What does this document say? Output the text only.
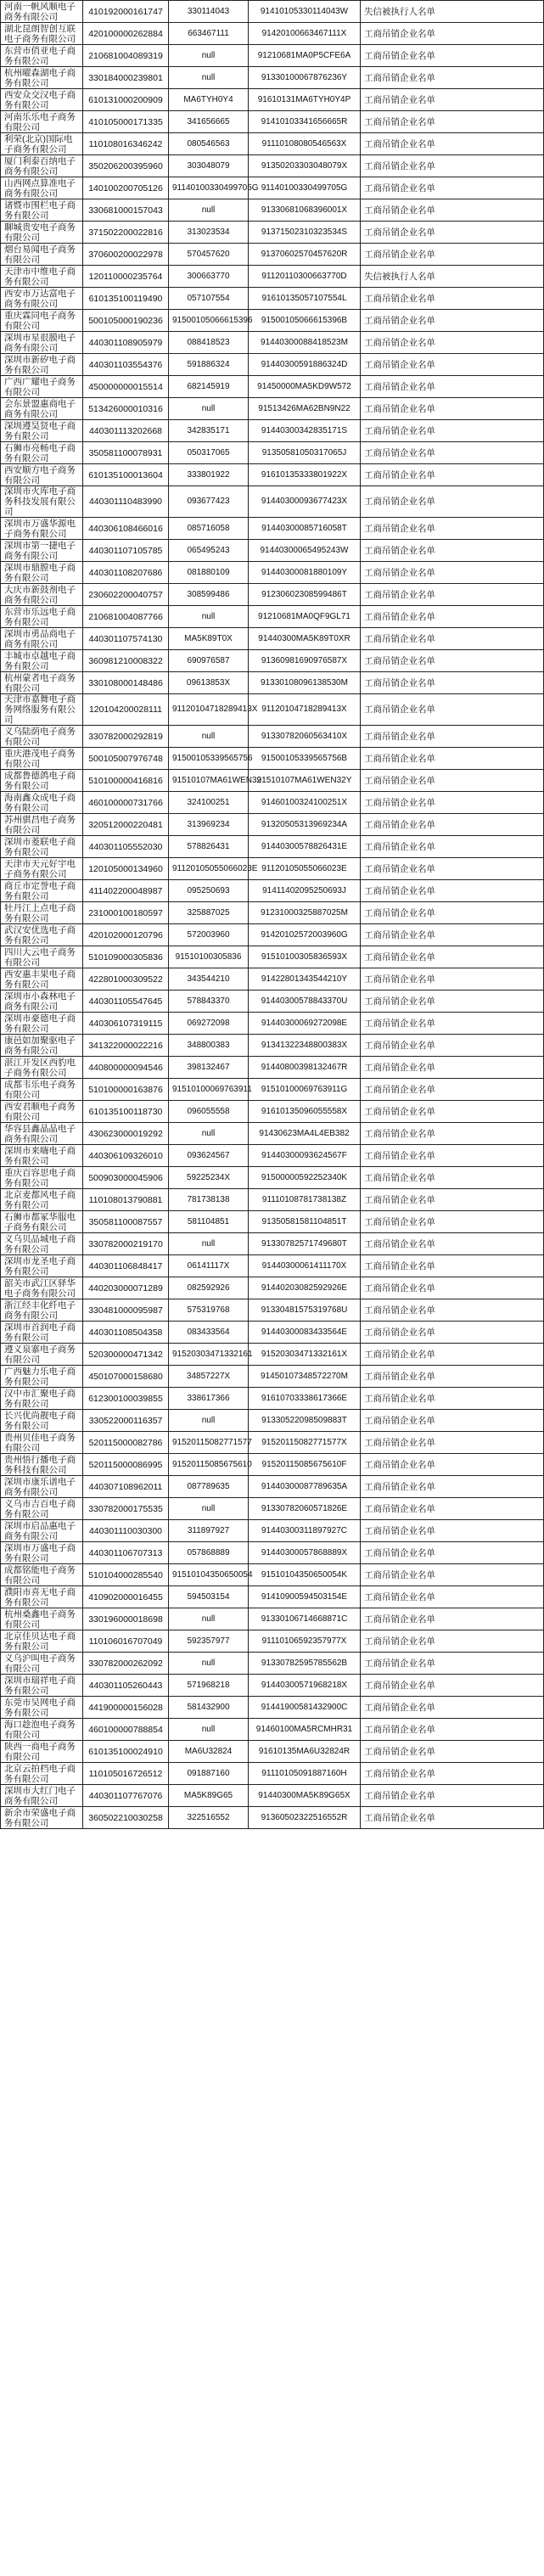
河南一帆风顺电子商务有限公司	410192000161747	330114043	91410105330114043W	失信被执行人名单
湖北昆朗智创互联电子商务有限公司	420100000262884	663467111	91420100663467111X	工商吊销企业名单
东营市俏亚电子商务有限公司	210681004089319	null	91210681MA0P5CFE6A	工商吊销企业名单
杭州曜森湖电子商务有限公司	330184000239801	null	91330100067876236Y	工商吊销企业名单
西安众交汉电子商务有限公司	610131000200909	MA6TYH0Y4	91610131MA6TYH0Y4P	工商吊销企业名单
河南乐乐电子商务有限公司	410105000171335	341656665	91410103341656665R	工商吊销企业名单
利荣(北京)国际电子商务有限公司	110108016346242	080546563	91110108080546563X	工商吊销企业名单
厦门利泰百纳电子商务有限公司	350206200395960	303048079	91350203303048079X	工商吊销企业名单
山西网点算准电子商务有限公司	140100200705126	91140100330499705G	91140100330499705G	工商吊销企业名单
诸暨市围栏电子商务有限公司	330681000157043	null	91330681068396001X	工商吊销企业名单
聊城贵安电子商务有限公司	371502200022816	313023534	91371502310323534S	工商吊销企业名单
烟台易闻电子商务有限公司	370600200022978	570457620	91370602570457620R	工商吊销企业名单
天津市中维电子商务有限公司	120110000235764	300663770	91120110300663770D	失信被执行人名单
西安市万达富电子商务有限公司	610135100119490	057107554	91610135057107554L	工商吊销企业名单
重庆霖同电子商务有限公司	500105000190236	91500105066615396	91500105066615396B	工商吊销企业名单
深圳市星很膜电子商务有限公司	440301108905979	088418523	91440300088418523M	工商吊销企业名单
深圳市新矽电子商务有限公司	440301103554376	591886324	91440300591886324D	工商吊销企业名单
广西广耀电子商务有限公司	450000000015514	682145919	91450000MA5KD9W572	工商吊销企业名单
会东景盟惠商电子商务有限公司	513426000010316	null	91513426MA62BN9N22	工商吊销企业名单
深圳遵昊贤电子商务有限公司	440301113202668	342835171	91440300342835171S	工商吊销企业名单
石狮市亮畅电子商务有限公司	350581100078931	050317065	91350581050317065J	工商吊销企业名单
西安顺方电子商务有限公司	610135100013604	333801922	91610135333801922X	工商吊销企业名单
深圳市火库电子商务科技发展有限公司	440301110483990	093677423	91440300093677423X	工商吊销企业名单
深圳市万盛华源电子商务有限公司	440306108466016	085716058	91440300085716058T	工商吊销企业名单
深圳市第一捷电子商务有限公司	440301107105785	065495243	91440300065495243W	工商吊销企业名单
深圳市鼎膛电子商务有限公司	440301108207686	081880109	91440300081880109Y	工商吊销企业名单
大庆市新鼓剂电子商务有限公司	230602200040757	308599486	91230602308599486T	工商吊销企业名单
东营市乐远电子商务有限公司	210681004087766	null	91210681MA0QF9GL71	工商吊销企业名单
深圳市勇品商电子商务有限公司	440301107574130	MA5K89T0X	91440300MA5K89T0XR	工商吊销企业名单
丰城市卓越电子商务有限公司	360981210008322	690976587	91360981690976587X	工商吊销企业名单
杭州蒙者电子商务有限公司	330108000148486	09613853X	91330108096138530M	工商吊销企业名单
天津市嘉舞电子商务网络服务有限公司	120104200028111	91120104718289413X	91120104718289413X	工商吊销企业名单
义乌陆荫电子商务有限公司	330782000292819	null	91330782060563410X	工商吊销企业名单
重庆港茂电子商务有限公司	500105007976748	91500105339565756	91500105339565756B	工商吊销企业名单
成都鲁德鸽电子商务有限公司	510100000416816	91510107MA61WEN32	91510107MA61WEN32Y	工商吊销企业名单
海南鑫众成电子商务有限公司	460100000731766	324100251	91460100324100251X	工商吊销企业名单
苏州骐昌电子商务有限公司	320512000220481	313969234	91320505313969234A	工商吊销企业名单
深圳市菱联电子商务有限公司	440301105552030	578826431	91440300578826431E	工商吊销企业名单
天津市天元好宇电子商务有限公司	120105000134960	91120105055066023E	91120105055066023E	工商吊销企业名单
商丘市定誉电子商务有限公司	411402200048987	095250693	91411402095250693J	工商吊销企业名单
牡丹江上点电子商务有限公司	231000100180597	325887025	91231000325887025M	工商吊销企业名单
武汉安优选电子商务有限公司	420102000120796	572003960	91420102572003960G	工商吊销企业名单
四川大云电子商务有限公司	510109000305836	91510100305836	91510100305836593X	工商吊销企业名单
西安惠丰果电子商务有限公司	422801000309522	343544210	91422801343544210Y	工商吊销企业名单
深圳市小森林电子商务有限公司	440301105547645	578843370	91440300578843370U	工商吊销企业名单
深圳市豪德电子商务有限公司	440306107319115	069272098	91440300069272098E	工商吊销企业名单
康邑如加聚驱电子商务有限公司	341322000022216	348800383	91341322348800383X	工商吊销企业名单
湛江开发区西豹电子商务有限公司	440800000094546	398132467	91440800398132467R	工商吊销企业名单
成都韦乐电子商务有限公司	510100000163876	91510100069763911	91510100069763911G	工商吊销企业名单
西安君顺电子商务有限公司	610135100118730	096055558	91610135096055558X	工商吊销企业名单
华容县鑫晶晶电子商务有限公司	430623000019292	null	91430623MA4L4EB382	工商吊销企业名单
深圳市来嗨电子商务有限公司	440306109326010	093624567	91440300093624567F	工商吊销企业名单
重庆百容思电子商务有限公司	500903000045906	59225234X	91500000592252340K	工商吊销企业名单
北京麦都风电子商务有限公司	110108013790881	781738138	91110108781738138Z	工商吊销企业名单
石狮市都冢华服电子商务有限公司	350581100087557	581104851	91350581581104851T	工商吊销企业名单
义乌贝品城电子商务有限公司	330782000219170	null	91330782571749680T	工商吊销企业名单
深圳市龙圣电子商务有限公司	440301106848417	06141117X	91440300061411170X	工商吊销企业名单
韶关市武江区驿华电子商务有限公司	440203000071289	082592926	91440203082592926E	工商吊销企业名单
浙江经丰化纤电子商务有限公司	330481000095987	575319768	91330481575319768U	工商吊销企业名单
深圳市首润电子商务有限公司	440301108504358	083433564	91440300083433564E	工商吊销企业名单
遵义泉寨电子商务有限公司	520300000471342	91520303471332161	91520303471332161X	工商吊销企业名单
广西魅力乐电子商务有限公司	450107000158680	34857227X	91450107348572270M	工商吊销企业名单
汉中市汇聚电子商务有限公司	612300100039855	338617366	91610703338617366E	工商吊销企业名单
长兴优尚靓电子商务有限公司	330522000116357	null	91330522098509883T	工商吊销企业名单
贵州贝佳电子商务有限公司	520115000082786	91520115082771577	91520115082771577X	工商吊销企业名单
贵州悟行播电子商务科技有限公司	520115000086995	91520115085675610	91520115085675610F	工商吊销企业名单
深圳市康乐谱电子商务有限公司	440307108962011	087789635	91440300087789635A	工商吊销企业名单
义乌市吉百电子商务有限公司	330782000175535	null	91330782060571826E	工商吊销企业名单
深圳市启品惠电子商务有限公司	440301110030300	311897927	91440300311897927C	工商吊销企业名单
深圳市万盛电子商务有限公司	440301106707313	057868889	91440300057868889X	工商吊销企业名单
成都铭能电子商务有限公司	510104000285540	91510104350650054	91510104350650054K	工商吊销企业名单
濮阳市喜无电子商务有限公司	410902000016455	594503154	91410900594503154E	工商吊销企业名单
杭州桑鑫电子商务有限公司	330196000018698	null	91330106714668871C	工商吊销企业名单
北京佳贝达电子商务有限公司	110106016707049	592357977	91110106592357977X	工商吊销企业名单
义乌沪叫电子商务有限公司	330782000262092	null	91330782595785562B	工商吊销企业名单
深圳市瑞祥电子商务有限公司	440301105260443	571968218	91440300571968218X	工商吊销企业名单
东莞市吴网电子商务有限公司	441900000156028	581432900	91441900581432900C	工商吊销企业名单
海口趁泡电子商务有限公司	460100000788854	null	91460100MA5RCMHR31	工商吊销企业名单
陕西一商电子商务有限公司	610135100024910	MA6U32824	91610135MA6U32824R	工商吊销企业名单
北京云拍档电子商务有限公司	110105016726512	091887160	91110105091887160H	工商吊销企业名单
深圳市大红门电子商务有限公司	440301107767076	MA5K89G65	91440300MA5K89G65X	工商吊销企业名单
新余市荣盛电子商务有限公司	360502210030258	322516552	91360502322516552R	工商吊销企业名单
